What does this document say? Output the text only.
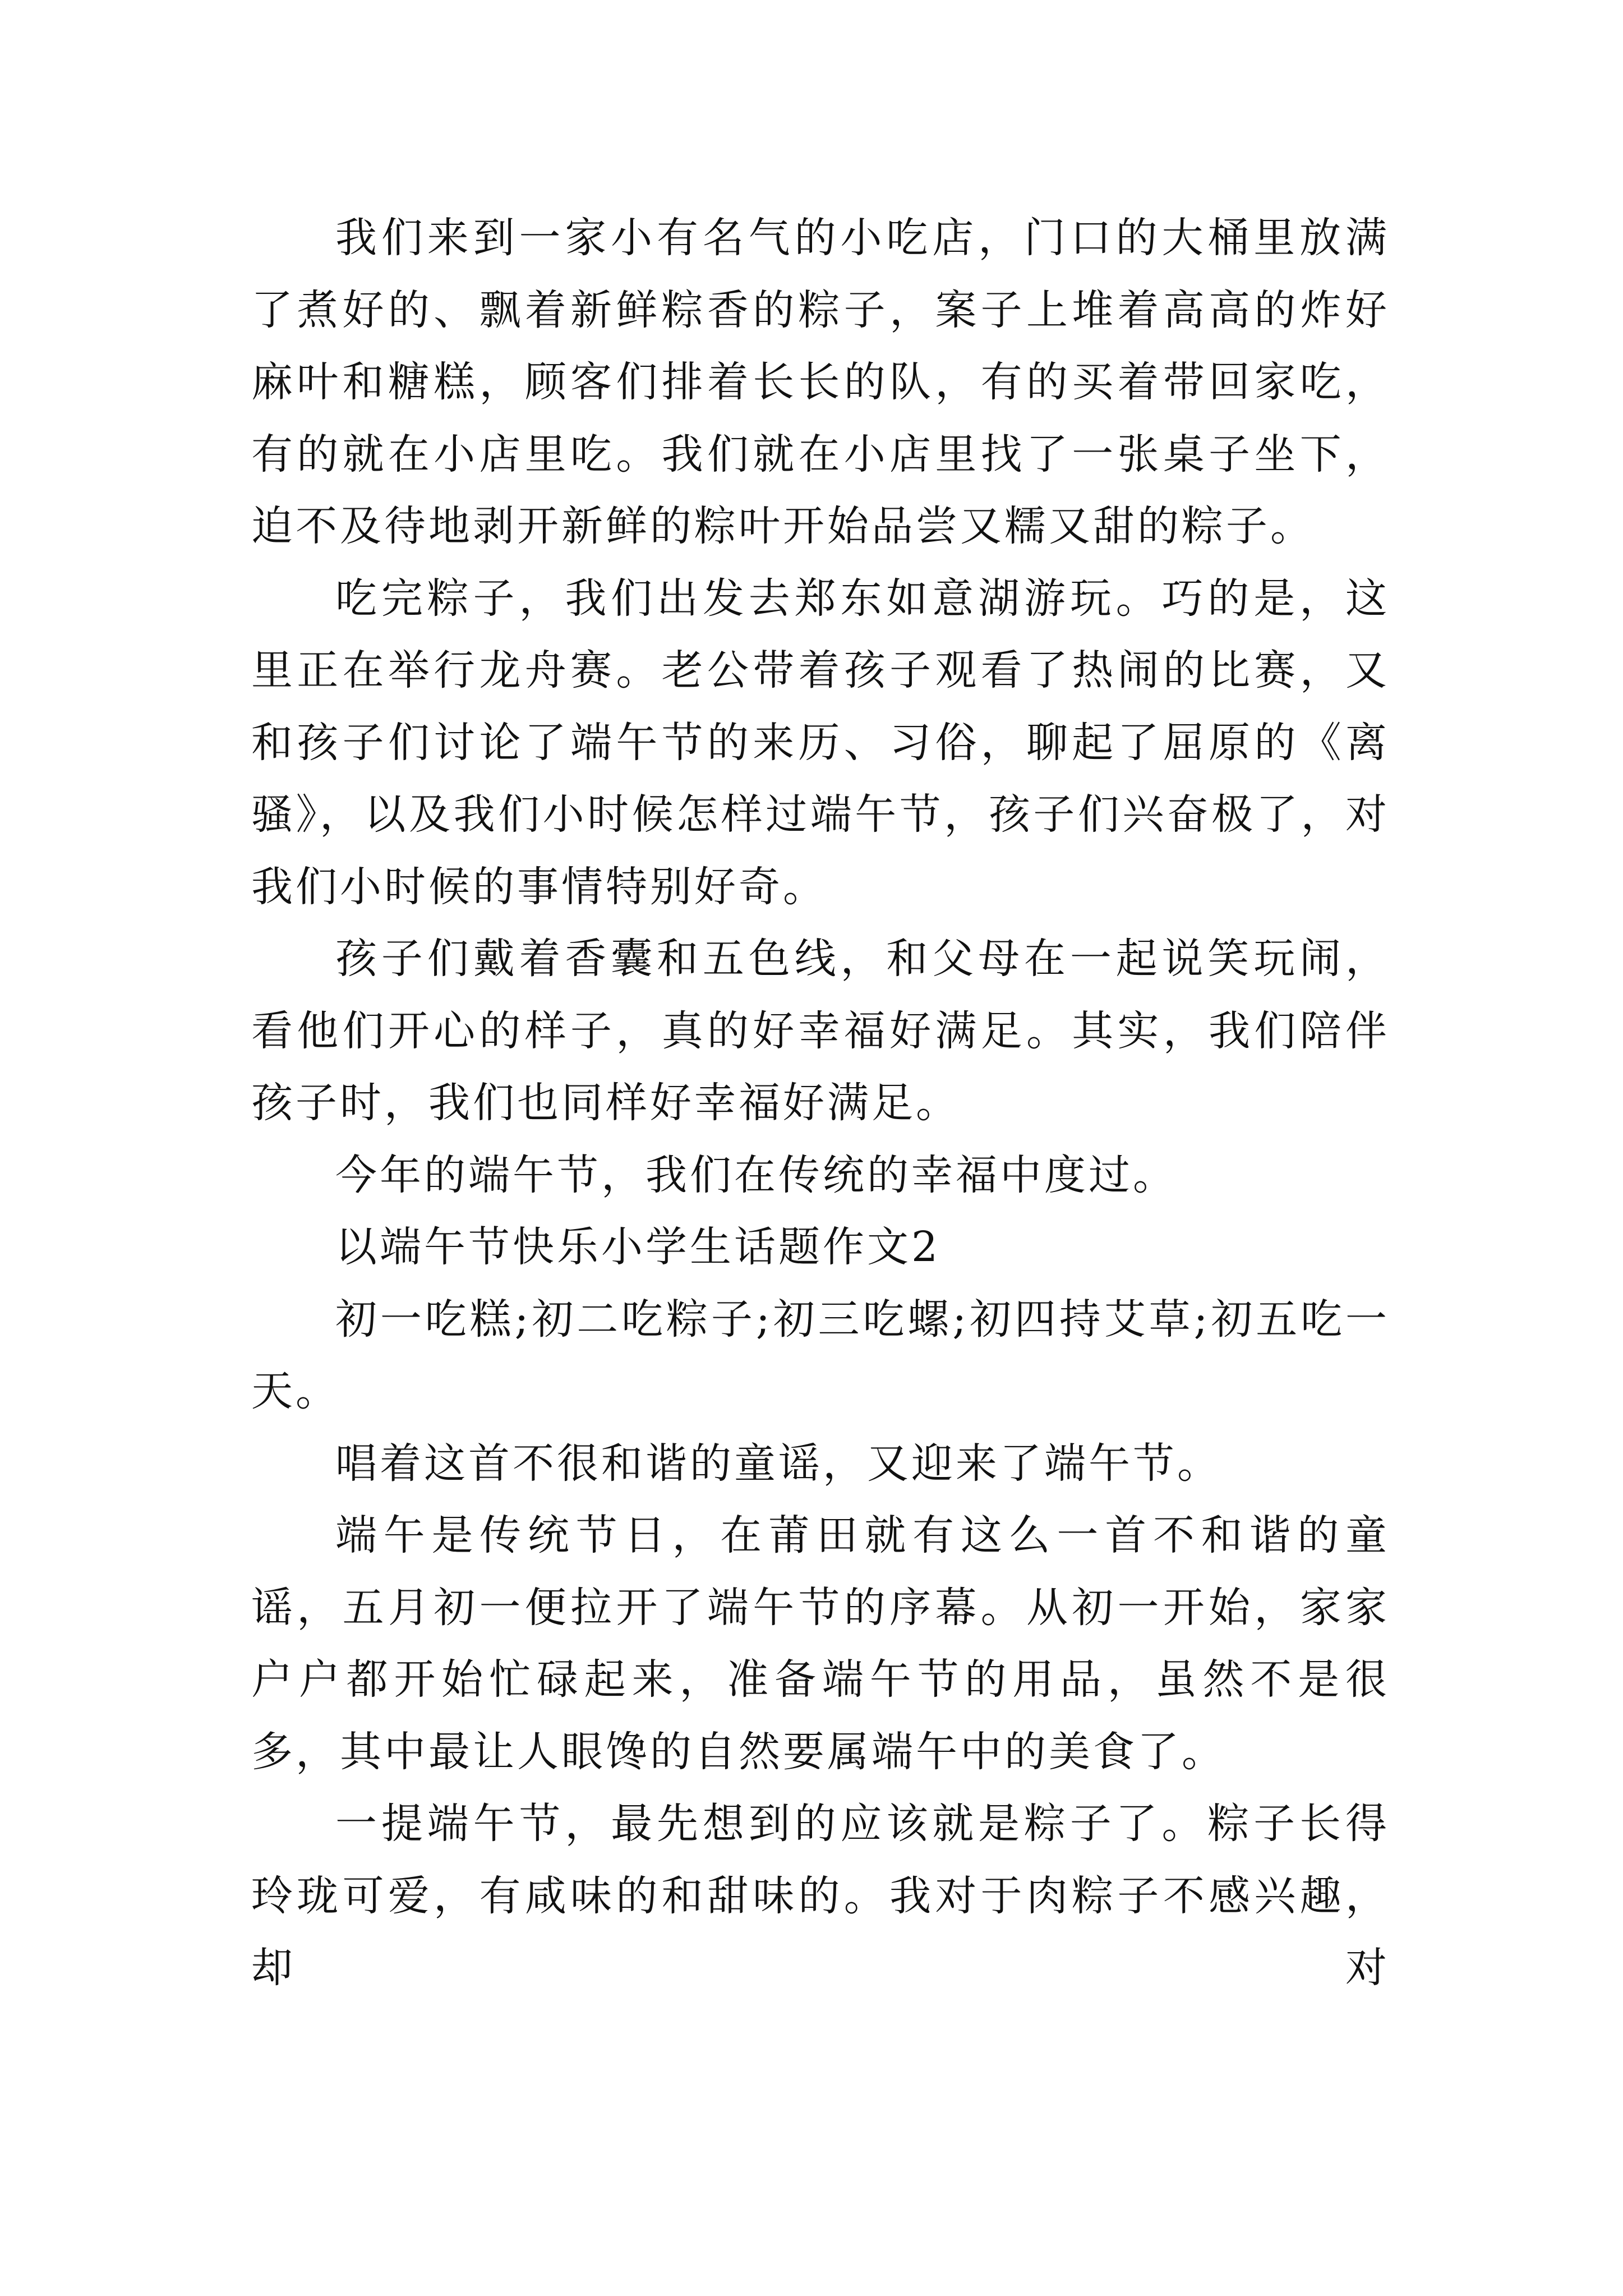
我们来到一家小有名气的小吃店，门口的大桶里放满了煮好的、飘着新鲜粽香的粽子，案子上堆着高高的炸好麻叶和糖糕，顾客们排着长长的队，有的买着带回家吃，有的就在小店里吃。我们就在小店里找了一张桌子坐下，迫不及待地剥开新鲜的粽叶开始品尝又糯又甜的粽子。

吃完粽子，我们出发去郑东如意湖游玩。巧的是，这里正在举行龙舟赛。老公带着孩子观看了热闹的比赛，又和孩子们讨论了端午节的来历、习俗，聊起了屈原的《离骚》，以及我们小时候怎样过端午节，孩子们兴奋极了，对我们小时候的事情特别好奇。

孩子们戴着香囊和五色线，和父母在一起说笑玩闹，看他们开心的样子，真的好幸福好满足。其实，我们陪伴孩子时，我们也同样好幸福好满足。

今年的端午节，我们在传统的幸福中度过。

以端午节快乐小学生话题作文2

初一吃糕;初二吃粽子;初三吃螺;初四持艾草;初五吃一天。

唱着这首不很和谐的童谣，又迎来了端午节。

端午是传统节日，在莆田就有这么一首不和谐的童谣，五月初一便拉开了端午节的序幕。从初一开始，家家户户都开始忙碌起来，准备端午节的用品，虽然不是很多，其中最让人眼馋的自然要属端午中的美食了。

一提端午节，最先想到的应该就是粽子了。粽子长得玲珑可爱，有咸味的和甜味的。我对于肉粽子不感兴趣，却对
